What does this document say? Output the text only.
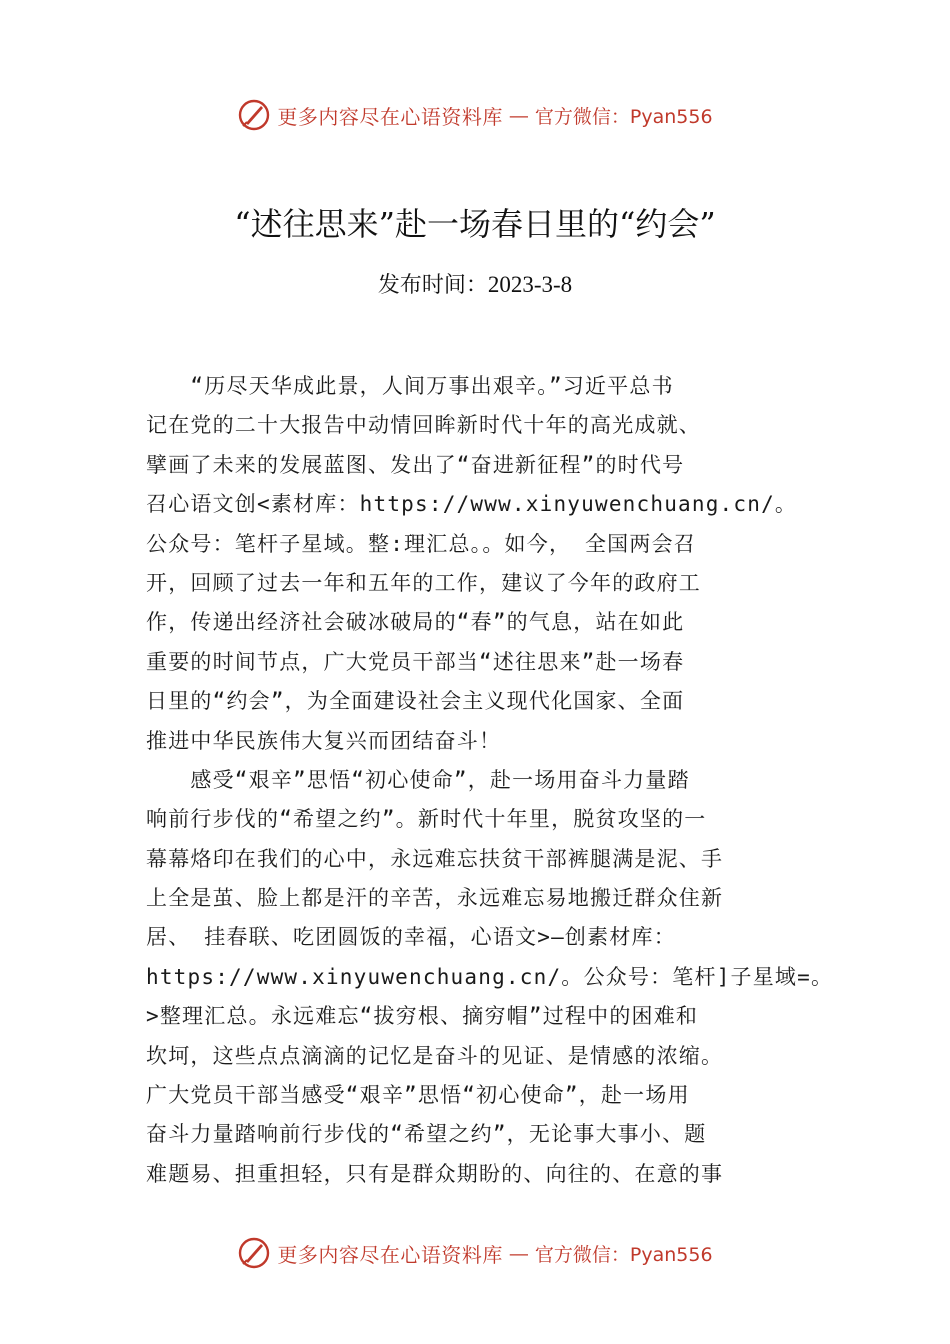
更多内容尽在心语资料库 — 官方微信：Pyan556
“述往思来”赴一场春日里的“约会”
发布时间：2023-3-8
　　“历尽天华成此景，人间万事出艰辛。”习近平总书
记在党的二十大报告中动情回眸新时代十年的高光成就、
擘画了未来的发展蓝图、发出了“奋进新征程”的时代号
召心语文创<素材库：https://www.xinyuwenchuang.cn/。
公众号：笔杆子星域。整:理汇总。。如今， 全国两会召
开，回顾了过去一年和五年的工作，建议了今年的政府工
作，传递出经济社会破冰破局的“春”的气息，站在如此
重要的时间节点，广大党员干部当“述往思来”赴一场春
日里的“约会”，为全面建设社会主义现代化国家、全面
推进中华民族伟大复兴而团结奋斗！
　　感受“艰辛”思悟“初心使命”，赴一场用奋斗力量踏
响前行步伐的“希望之约”。新时代十年里，脱贫攻坚的一
幕幕烙印在我们的心中，永远难忘扶贫干部裤腿满是泥、手
上全是茧、脸上都是汗的辛苦，永远难忘易地搬迁群众住新
居、 挂春联、吃团圆饭的幸福，心语文>—创素材库：
https://www.xinyuwenchuang.cn/。公众号：笔杆]子星域=。
>整理汇总。永远难忘“拔穷根、摘穷帽”过程中的困难和
坎坷，这些点点滴滴的记忆是奋斗的见证、是情感的浓缩。
广大党员干部当感受“艰辛”思悟“初心使命”，赴一场用
奋斗力量踏响前行步伐的“希望之约”，无论事大事小、题
难题易、担重担轻，只有是群众期盼的、向往的、在意的事
更多内容尽在心语资料库 — 官方微信：Pyan556
